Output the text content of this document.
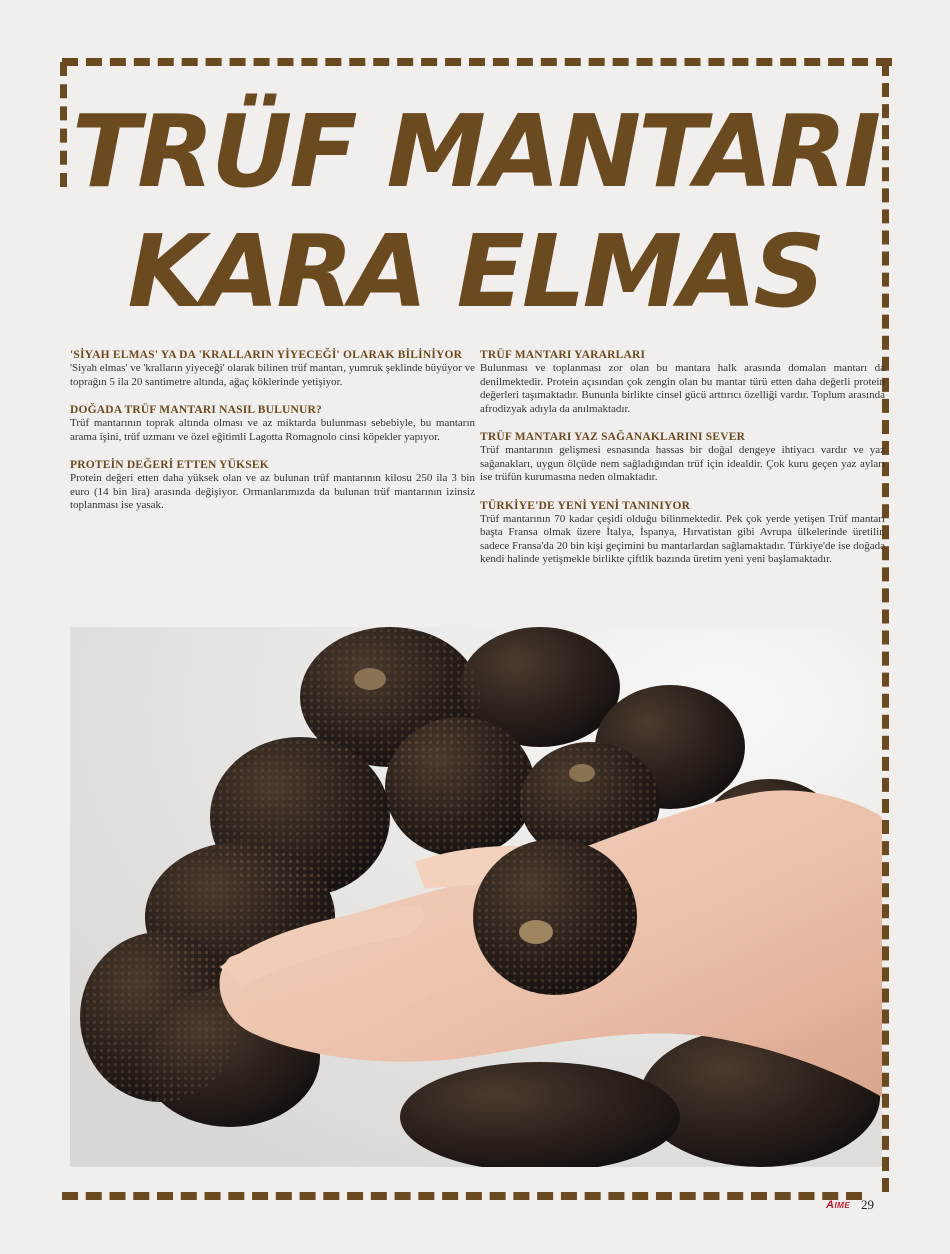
TRÜF MANTARI
KARA ELMAS

'SİYAH ELMAS' YA DA 'KRALLARIN YİYECEĞİ' OLARAK BİLİNİYOR

'Siyah elmas' ve 'kralların yiyeceği' olarak bilinen trüf mantarı, yumruk şeklinde büyüyor ve toprağın 5 ila 20 santimetre altında, ağaç köklerinde yetişiyor.

DOĞADA TRÜF MANTARI NASIL BULUNUR?

Trüf mantarının toprak altında olması ve az miktarda bulunması sebebiyle, bu mantarın arama işini, trüf uzmanı ve özel eğitimli Lagotta Romagnolo cinsi köpekler yapıyor.

PROTEİN DEĞERİ ETTEN YÜKSEK

Protein değeri etten daha yüksek olan ve az bulunan trüf mantarının kilosu 250 ila 3 bin euro (14 bin lira) arasında değişiyor. Ormanlarımızda da bulunan trüf mantarının izinsiz toplanması ise yasak.

TRÜF MANTARI YARARLARI

Bulunması ve toplanması zor olan bu mantara halk arasında domalan mantarı da denilmektedir. Protein açısından çok zengin olan bu mantar türü etten daha değerli protein değerleri taşımaktadır. Bununla birlikte cinsel gücü arttırıcı özelliği vardır. Toplum arasında afrodizyak adıyla da anılmaktadır.

TRÜF MANTARI YAZ SAĞANAKLARINI SEVER

Trüf mantarının gelişmesi esnasında hassas bir doğal dengeye ihtiyacı vardır ve yaz sağanakları, uygun ölçüde nem sağladığından trüf için idealdir. Çok kuru geçen yaz ayları ise trüfün kurumasına neden olmaktadır.

TÜRKİYE'DE YENİ YENİ TANINIYOR

Trüf mantarının 70 kadar çeşidi olduğu bilinmektedir. Pek çok yerde yetişen Trüf mantarı başta Fransa olmak üzere İtalya, İspanya, Hırvatistan gibi Avrupa ülkelerinde üretilir. sadece Fransa'da 20 bin kişi geçimini bu mantarlardan sağlamaktadır. Türkiye'de ise doğada kendi halinde yetişmekle birlikte çiftlik bazında üretim yeni yeni başlamaktadır.

AIME 29
